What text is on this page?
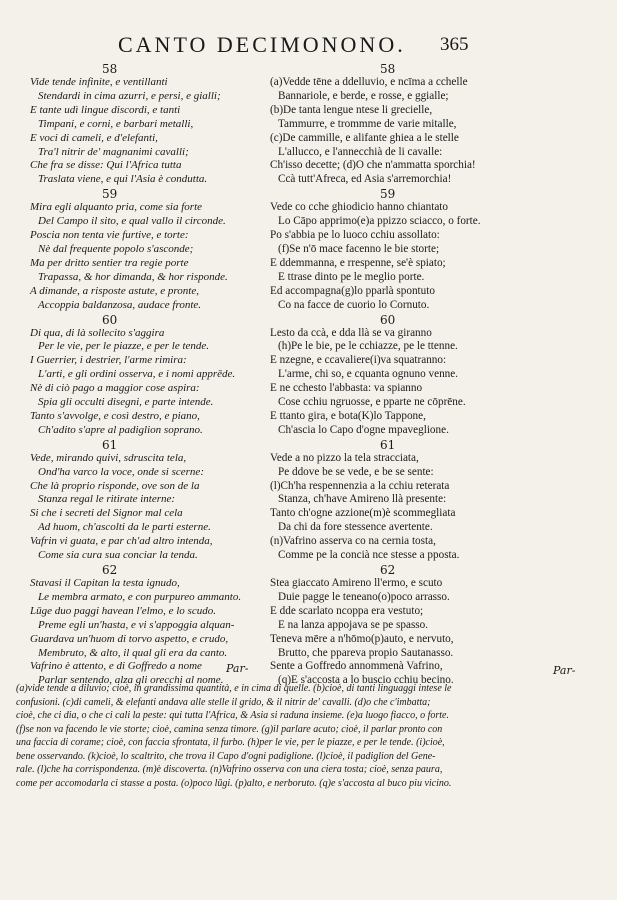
CANTO DECIMONONO. 365
58
Vide tende infinite, e ventillanti
Stendardi in cima azurri, e persi, e gialli;
E tante udì lingue discordi, e tanti
Timpani, e corni, e barbari metalli,
E voci di cameli, e d'elefanti,
Tra'l nitrir de' magnanimi cavalli;
Che fra se disse: Qui l'Africa tutta
Traslata viene, e qui l'Asia è condutta.
59
Mira egli alquanto pria, come sia forte
Del Campo il sito, e qual vallo il circonde.
Poscia non tenta vie furtive, e torte:
Nè dal frequente popolo s'asconde;
Ma per dritto sentier tra regie porte
Trapassa, & hor dimanda, & hor risponde.
A dimande, a risposte astute, e pronte,
Accoppia baldanzosa, audace fronte.
60
Di qua, di là sollecito s'aggira
Per le vie, per le piazze, e per le tende.
I Guerrier, i destrier, l'arme rimira:
L'arti, e gli ordini osserva, e i nomi apprēde.
Nè di ciò pago a maggior cose aspira:
Spia gli occulti disegni, e parte intende.
Tanto s'avvolge, e così destro, e piano,
Ch'adito s'apre al padiglion soprano.
61
Vede, mirando quivi, sdruscita tela,
Ond'ha varco la voce, onde si scerne:
Che là proprio risponde, ove son de la
Stanza regal le ritirate interne:
Si che i secreti del Signor mal cela
Ad huom, ch'ascolti da le parti esterne.
Vafrin vi guata, e par ch'ad altro intenda,
Come sia cura sua conciar la tenda.
62
Stavasi il Capitan la testa ignudo,
Le membra armato, e con purpureo ammanto.
Lūge duo paggi havean l'elmo, e lo scudo.
Preme egli un'hasta, e vi s'appoggia alquan-
Guardava un'huom di torvo aspetto, e crudo,
Membruto, & alto, il qual gli era da canto.
Vafrino è attento, e di Goffredo a nome
Parlar sentendo, alza gli orecchi al nome.
58
(a)Vedde tēne a ddelluvio, e ncīma a cchelle
Bannariole, e berde, e rosse, e ggialle;
(b)De tanta lengue ntese li grecielle,
Tammurre, e trommme de varie mitalle,
(c)De cammille, e alifante ghiea a le stelle
L'allucco, e l'annecchià de li cavalle:
Ch'isso decette; (d)O che n'ammatta sporchia!
Ccà tutt'Afreca, ed Asia s'arremorchia!
59
Vede co cche ghiodicio hanno chiantato
Lo Cāpo apprimo(e)a ppizzo sciacco, o forte.
Po s'abbia pe lo luoco cchiu assollato:
(f)Se n'ō mace facenno le bie storte;
E ddemmanna, e rrespenne, se'è spiato;
E ttrase dinto pe le meglio porte.
Ed accompagna(g)lo pparlà spontuto
Co na facce de cuorio lo Cornuto.
60
Lesto da ccà, e dda llà se va giranno
(h)Pe le bie, pe le cchiazze, pe le ttenne.
E nzegne, e ccavaliere(i)va squatranno:
L'arme, chi so, e cquanta ognuno venne.
E ne cchesto l'abbasta: va spianno
Cose cchiu ngruosse, e pparte ne cōprēne.
E ttanto gira, e bota(K)lo Tappone,
Ch'ascia lo Capo d'ogne mpaveglione.
61
Vede a no pizzo la tela stracciata,
Pe ddove be se vede, e be se sente:
(l)Ch'ha respennenzia a la cchiu reterata
Stanza, ch'have Amireno llà presente:
Tanto ch'ogne azzione(m)è scommegliata
Da chi da fore stessence avertente.
(n)Vafrino asserva co na cernia tosta,
Comme pe la concià nce stesse a pposta.
62
Stea giaccato Amireno ll'ermo, e scuto
Duie pagge le teneano(o)poco arrasso.
E dde scarlato ncoppa era vestuto;
E na lanza appojava se pe spasso.
Teneva mēre a n'hōmo(p)auto, e nervuto,
Brutto, che ppareva propio Sautanasso.
Sente a Goffredo annommenà Vafrino,
(q)E s'accosta a lo buscio cchiu becino.
Par-	Par-
(a)vide tende a diluvio; cioè, in grandissima quantità, e in cima di quelle. (b)cioè, di tanti linguaggi intese le
confusioni. (c)di cameli, & elefanti andava alle stelle il grido, & il nitrir de' cavalli. (d)o che c'imbatta;
cioè, che ci dia, o che ci cali la peste: qui tutta l'Africa, & Asia si raduna insieme. (e)a luogo fiacco, o forte.
(f)se non va facendo le vie storte; cioè, camina senza timore. (g)il parlare acuto; cioè, il parlar pronto con
una faccia di corame; cioè, con faccia sfrontata, il furbo. (h)per le vie, per le piazze, e per le tende. (i)cioè,
bene osservando. (k)cioè, lo scaltrito, che trova il Capo d'ogni padiglione. (l)cioè, il padiglion del Gene-
rale. (l)che ha corrispondenza. (m)è discoverta. (n)Vafrino osserva con una ciera tosta; cioè, senza paura,
come per accomodarla ci stasse a posta. (o)poco lūgi. (p)alto, e nerboruto. (q)e s'accosta al buco piu vicino.
